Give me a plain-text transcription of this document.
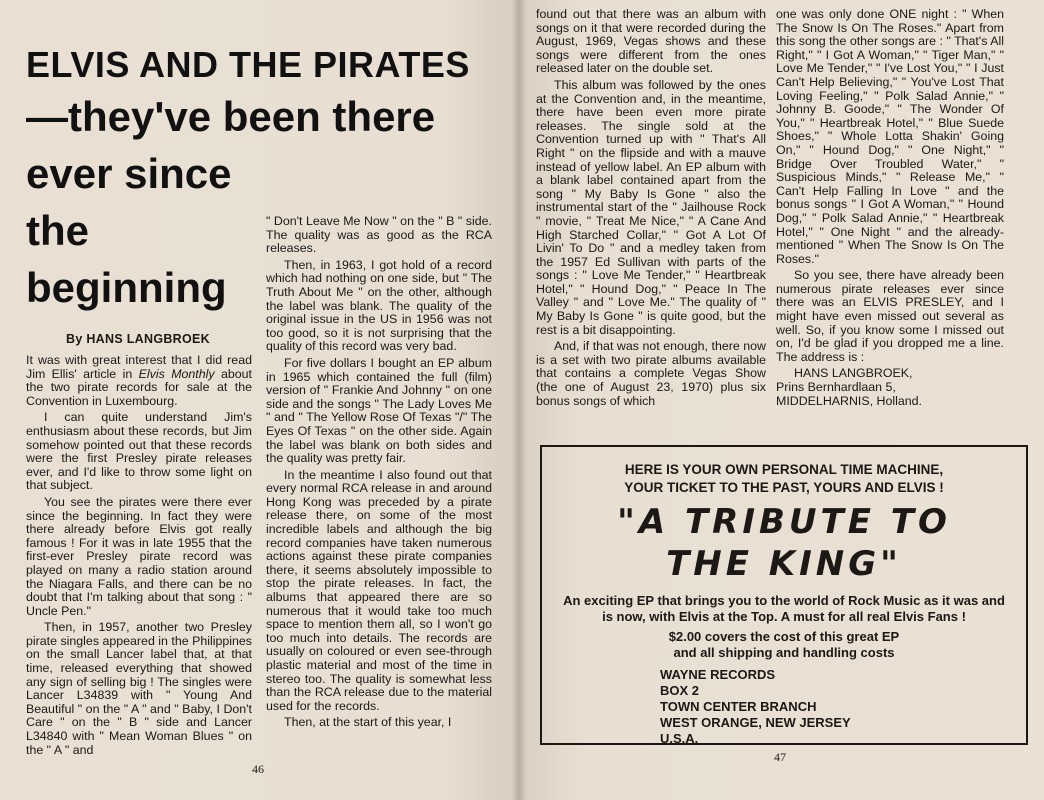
ELVIS AND THE PIRATES
—they've been there
ever since
the
beginning
By HANS LANGBROEK

It was with great interest that I did read Jim Ellis' article in Elvis Monthly about the two pirate records for sale at the Convention in Luxembourg.

I can quite understand Jim's enthusiasm about these records, but Jim somehow pointed out that these records were the first Presley pirate releases ever, and I'd like to throw some light on that subject.

You see the pirates were there ever since the beginning. In fact they were there already before Elvis got really famous ! For it was in late 1955 that the first-ever Presley pirate record was played on many a radio station around the Niagara Falls, and there can be no doubt that I'm talking about that song : " Uncle Pen."

Then, in 1957, another two Presley pirate singles appeared in the Philippines on the small Lancer label that, at that time, released everything that showed any sign of selling big ! The singles were Lancer L34839 with " Young And Beautiful " on the " A " and " Baby, I Don't Care " on the " B " side and Lancer L34840 with " Mean Woman Blues " on the " A " and

" Don't Leave Me Now " on the " B " side. The quality was as good as the RCA releases.

Then, in 1963, I got hold of a record which had nothing on one side, but " The Truth About Me " on the other, although the label was blank. The quality of the original issue in the US in 1956 was not too good, so it is not surprising that the quality of this record was very bad.

For five dollars I bought an EP album in 1965 which contained the full (film) version of " Frankie And Johnny " on one side and the songs " The Lady Loves Me " and " The Yellow Rose Of Texas "/" The Eyes Of Texas " on the other side. Again the label was blank on both sides and the quality was pretty fair.

In the meantime I also found out that every normal RCA release in and around Hong Kong was preceded by a pirate release there, on some of the most incredible labels and although the big record companies have taken numerous actions against these pirate companies there, it seems absolutely impossible to stop the pirate releases. In fact, the albums that appeared there are so numerous that it would take too much space to mention them all, so I won't go too much into details. The records are usually on coloured or even see-through plastic material and most of the time in stereo too. The quality is somewhat less than the RCA release due to the material used for the records.

Then, at the start of this year, I

46

found out that there was an album with songs on it that were recorded during the August, 1969, Vegas shows and these songs were different from the ones released later on the double set.

This album was followed by the ones at the Convention and, in the meantime, there have been even more pirate releases. The single sold at the Convention turned up with " That's All Right " on the flipside and with a mauve instead of yellow label. An EP album with a blank label contained apart from the song " My Baby Is Gone " also the instrumental start of the " Jailhouse Rock " movie, " Treat Me Nice," " A Cane And High Starched Collar," " Got A Lot Of Livin' To Do " and a medley taken from the 1957 Ed Sullivan with parts of the songs : " Love Me Tender," " Heartbreak Hotel," " Hound Dog," " Peace In The Valley " and " Love Me." The quality of " My Baby Is Gone " is quite good, but the rest is a bit disappointing.

And, if that was not enough, there now is a set with two pirate albums available that contains a complete Vegas Show (the one of August 23, 1970) plus six bonus songs of which

one was only done ONE night : " When The Snow Is On The Roses." Apart from this song the other songs are : " That's All Right," " I Got A Woman," " Tiger Man," " Love Me Tender," " I've Lost You," " I Just Can't Help Believing," " You've Lost That Loving Feeling," " Polk Salad Annie," " Johnny B. Goode," " The Wonder Of You," " Heartbreak Hotel," " Blue Suede Shoes," " Whole Lotta Shakin' Going On," " Hound Dog," " One Night," " Bridge Over Troubled Water," " Suspicious Minds," " Release Me," " Can't Help Falling In Love " and the bonus songs " I Got A Woman," " Hound Dog," " Polk Salad Annie," " Heartbreak Hotel," " One Night " and the already-mentioned " When The Snow Is On The Roses."

So you see, there have already been numerous pirate releases ever since there was an ELVIS PRESLEY, and I might have even missed out several as well. So, if you know some I missed out on, I'd be glad if you dropped me a line. The address is :

HANS LANGBROEK,

Prins Bernhardlaan 5,

MIDDELHARNIS, Holland.

47
HERE IS YOUR OWN PERSONAL TIME MACHINE,
YOUR TICKET TO THE PAST, YOURS AND ELVIS !
"A TRIBUTE TO
THE KING"
An exciting EP that brings you to the world of Rock Music as it was and is now, with Elvis at the Top. A must for all real Elvis Fans !
$2.00 covers the cost of this great EP
and all shipping and handling costs
WAYNE RECORDS
BOX 2
TOWN CENTER BRANCH
WEST ORANGE, NEW JERSEY
U.S.A.
